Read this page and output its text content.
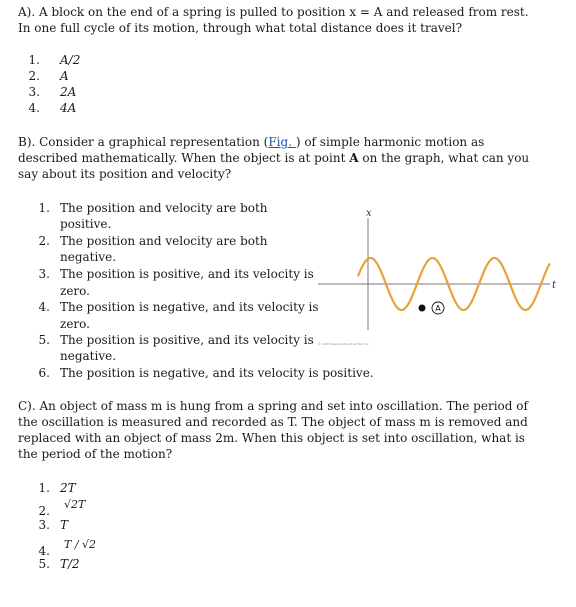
A). A block on the end of a spring is pulled to position x = A and released from rest.
In one full cycle of its motion, through what total distance does it travel?
1. A/2
2. A
3. 2A
4. 4A
B). Consider a graphical representation (Fig. ) of simple harmonic motion as
described mathematically. When the object is at point A on the graph, what can you
say about its position and velocity?
1. The position and velocity are both
positive.
2. The position and velocity are both
negative.
3. The position is positive, and its velocity is
zero.
4. The position is negative, and its velocity is
zero.
5. The position is positive, and its velocity is
negative.
6. The position is negative, and its velocity is positive.
x
t
A
© 2007 Pearson Prentice Hall, Inc.
C). An object of mass m is hung from a spring and set into oscillation. The period of
the oscillation is measured and recorded as T. The object of mass m is removed and
replaced with an object of mass 2m. When this object is set into oscillation, what is
the period of the motion?
1. 2T
2. √2T
3. T
4. T / √2
5. T/2
